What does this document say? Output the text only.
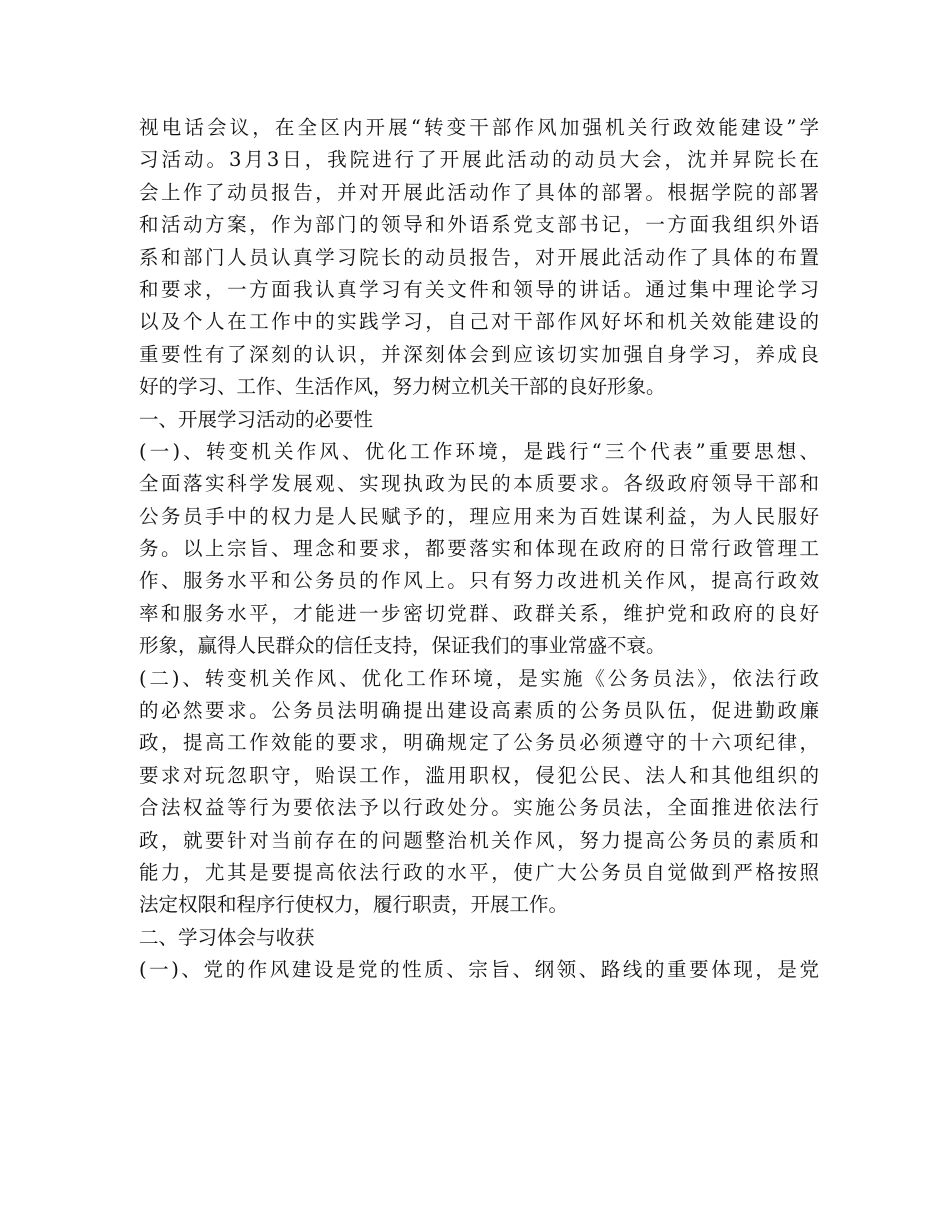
视电话会议，在全区内开展“转变干部作风加强机关行政效能建设”学
习活动。3月3日，我院进行了开展此活动的动员大会，沈并昇院长在
会上作了动员报告，并对开展此活动作了具体的部署。根据学院的部署
和活动方案，作为部门的领导和外语系党支部书记，一方面我组织外语
系和部门人员认真学习院长的动员报告，对开展此活动作了具体的布置
和要求，一方面我认真学习有关文件和领导的讲话。通过集中理论学习
以及个人在工作中的实践学习，自己对干部作风好坏和机关效能建设的
重要性有了深刻的认识，并深刻体会到应该切实加强自身学习，养成良
好的学习、工作、生活作风，努力树立机关干部的良好形象。
一、开展学习活动的必要性
(一)、转变机关作风、优化工作环境，是践行“三个代表”重要思想、
全面落实科学发展观、实现执政为民的本质要求。各级政府领导干部和
公务员手中的权力是人民赋予的，理应用来为百姓谋利益，为人民服好
务。以上宗旨、理念和要求，都要落实和体现在政府的日常行政管理工
作、服务水平和公务员的作风上。只有努力改进机关作风，提高行政效
率和服务水平，才能进一步密切党群、政群关系，维护党和政府的良好
形象，赢得人民群众的信任支持，保证我们的事业常盛不衰。
(二)、转变机关作风、优化工作环境，是实施《公务员法》，依法行政
的必然要求。公务员法明确提出建设高素质的公务员队伍，促进勤政廉
政，提高工作效能的要求，明确规定了公务员必须遵守的十六项纪律，
要求对玩忽职守，贻误工作，滥用职权，侵犯公民、法人和其他组织的
合法权益等行为要依法予以行政处分。实施公务员法，全面推进依法行
政，就要针对当前存在的问题整治机关作风，努力提高公务员的素质和
能力，尤其是要提高依法行政的水平，使广大公务员自觉做到严格按照
法定权限和程序行使权力，履行职责，开展工作。
二、学习体会与收获
(一)、党的作风建设是党的性质、宗旨、纲领、路线的重要体现，是党
